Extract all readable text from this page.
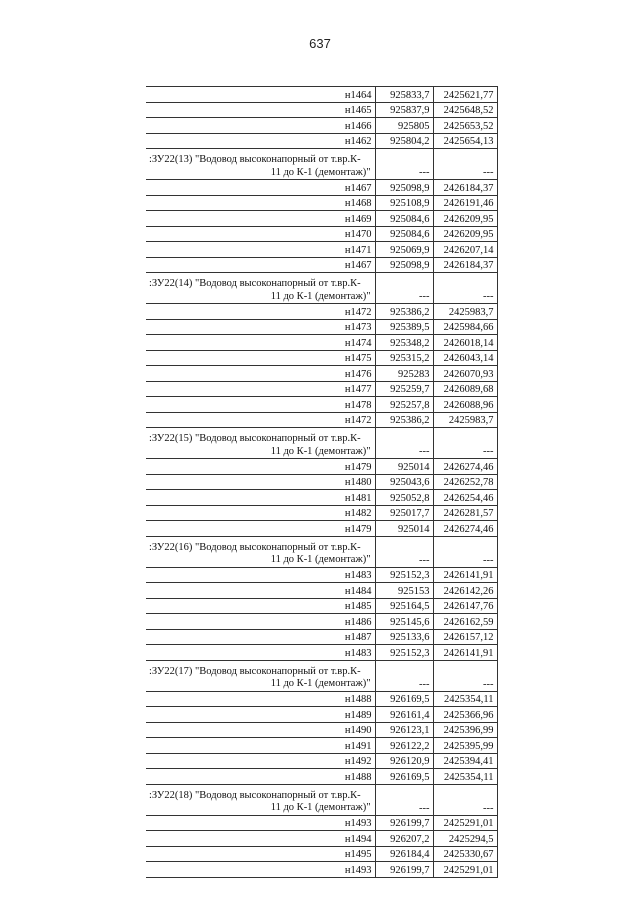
637
н1464	925833,7	2425621,77
н1465	925837,9	2425648,52
н1466	925805	2425653,52
н1462	925804,2	2425654,13

:ЗУ22(13) "Водовод высоконапорный от т.вр.К-
11 до К-1 (демонтаж)"	---	---
н1467	925098,9	2426184,37
н1468	925108,9	2426191,46
н1469	925084,6	2426209,95
н1470	925084,6	2426209,95
н1471	925069,9	2426207,14
н1467	925098,9	2426184,37

:ЗУ22(14) "Водовод высоконапорный от т.вр.К-
11 до К-1 (демонтаж)"	---	---
н1472	925386,2	2425983,7
н1473	925389,5	2425984,66
н1474	925348,2	2426018,14
н1475	925315,2	2426043,14
н1476	925283	2426070,93
н1477	925259,7	2426089,68
н1478	925257,8	2426088,96
н1472	925386,2	2425983,7

:ЗУ22(15) "Водовод высоконапорный от т.вр.К-
11 до К-1 (демонтаж)"	---	---
н1479	925014	2426274,46
н1480	925043,6	2426252,78
н1481	925052,8	2426254,46
н1482	925017,7	2426281,57
н1479	925014	2426274,46

:ЗУ22(16) "Водовод высоконапорный от т.вр.К-
11 до К-1 (демонтаж)"	---	---
н1483	925152,3	2426141,91
н1484	925153	2426142,26
н1485	925164,5	2426147,76
н1486	925145,6	2426162,59
н1487	925133,6	2426157,12
н1483	925152,3	2426141,91

:ЗУ22(17) "Водовод высоконапорный от т.вр.К-
11 до К-1 (демонтаж)"	---	---
н1488	926169,5	2425354,11
н1489	926161,4	2425366,96
н1490	926123,1	2425396,99
н1491	926122,2	2425395,99
н1492	926120,9	2425394,41
н1488	926169,5	2425354,11

:ЗУ22(18) "Водовод высоконапорный от т.вр.К-
11 до К-1 (демонтаж)"	---	---
н1493	926199,7	2425291,01
н1494	926207,2	2425294,5
н1495	926184,4	2425330,67
н1493	926199,7	2425291,01
